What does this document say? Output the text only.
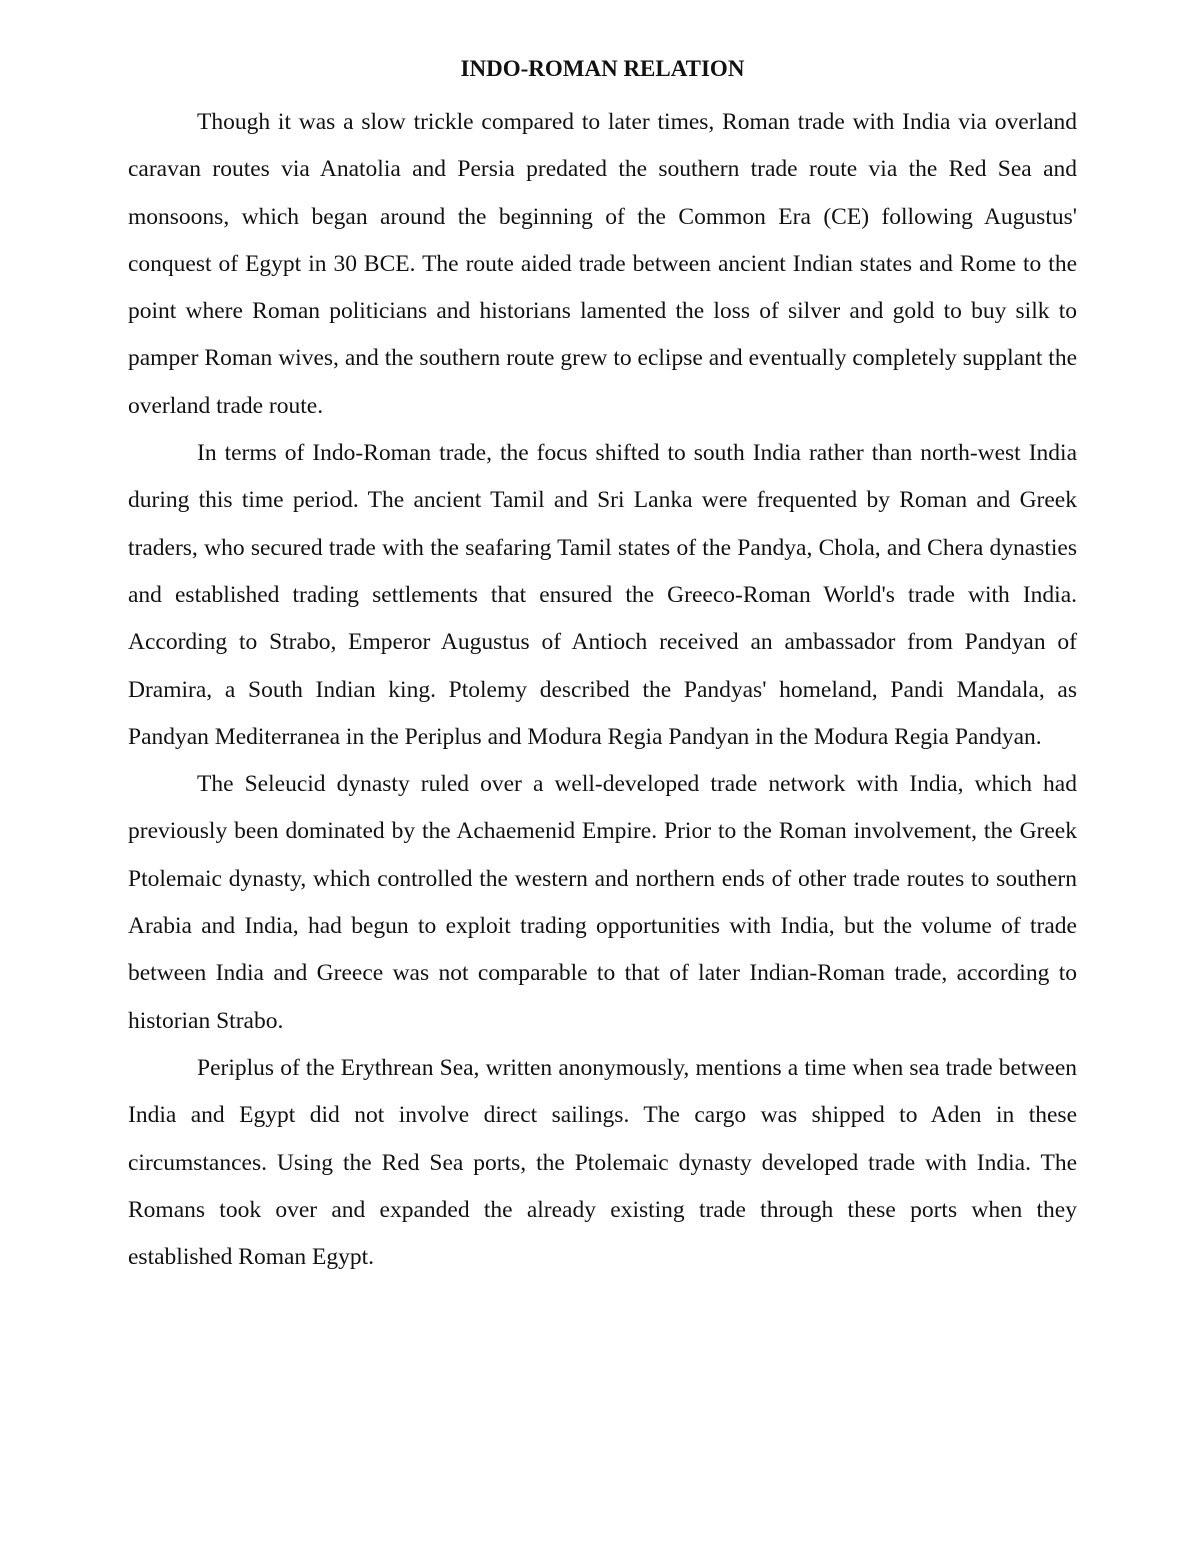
INDO-ROMAN RELATION

Though it was a slow trickle compared to later times, Roman trade with India via overland caravan routes via Anatolia and Persia predated the southern trade route via the Red Sea and monsoons, which began around the beginning of the Common Era (CE) following Augustus' conquest of Egypt in 30 BCE. The route aided trade between ancient Indian states and Rome to the point where Roman politicians and historians lamented the loss of silver and gold to buy silk to pamper Roman wives, and the southern route grew to eclipse and eventually completely supplant the overland trade route.

In terms of Indo-Roman trade, the focus shifted to south India rather than north-west India during this time period. The ancient Tamil and Sri Lanka were frequented by Roman and Greek traders, who secured trade with the seafaring Tamil states of the Pandya, Chola, and Chera dynasties and established trading settlements that ensured the Greeco-Roman World's trade with India. According to Strabo, Emperor Augustus of Antioch received an ambassador from Pandyan of Dramira, a South Indian king. Ptolemy described the Pandyas' homeland, Pandi Mandala, as Pandyan Mediterranea in the Periplus and Modura Regia Pandyan in the Modura Regia Pandyan.

The Seleucid dynasty ruled over a well-developed trade network with India, which had previously been dominated by the Achaemenid Empire. Prior to the Roman involvement, the Greek Ptolemaic dynasty, which controlled the western and northern ends of other trade routes to southern Arabia and India, had begun to exploit trading opportunities with India, but the volume of trade between India and Greece was not comparable to that of later Indian-Roman trade, according to historian Strabo.

Periplus of the Erythrean Sea, written anonymously, mentions a time when sea trade between India and Egypt did not involve direct sailings. The cargo was shipped to Aden in these circumstances. Using the Red Sea ports, the Ptolemaic dynasty developed trade with India. The Romans took over and expanded the already existing trade through these ports when they established Roman Egypt.
